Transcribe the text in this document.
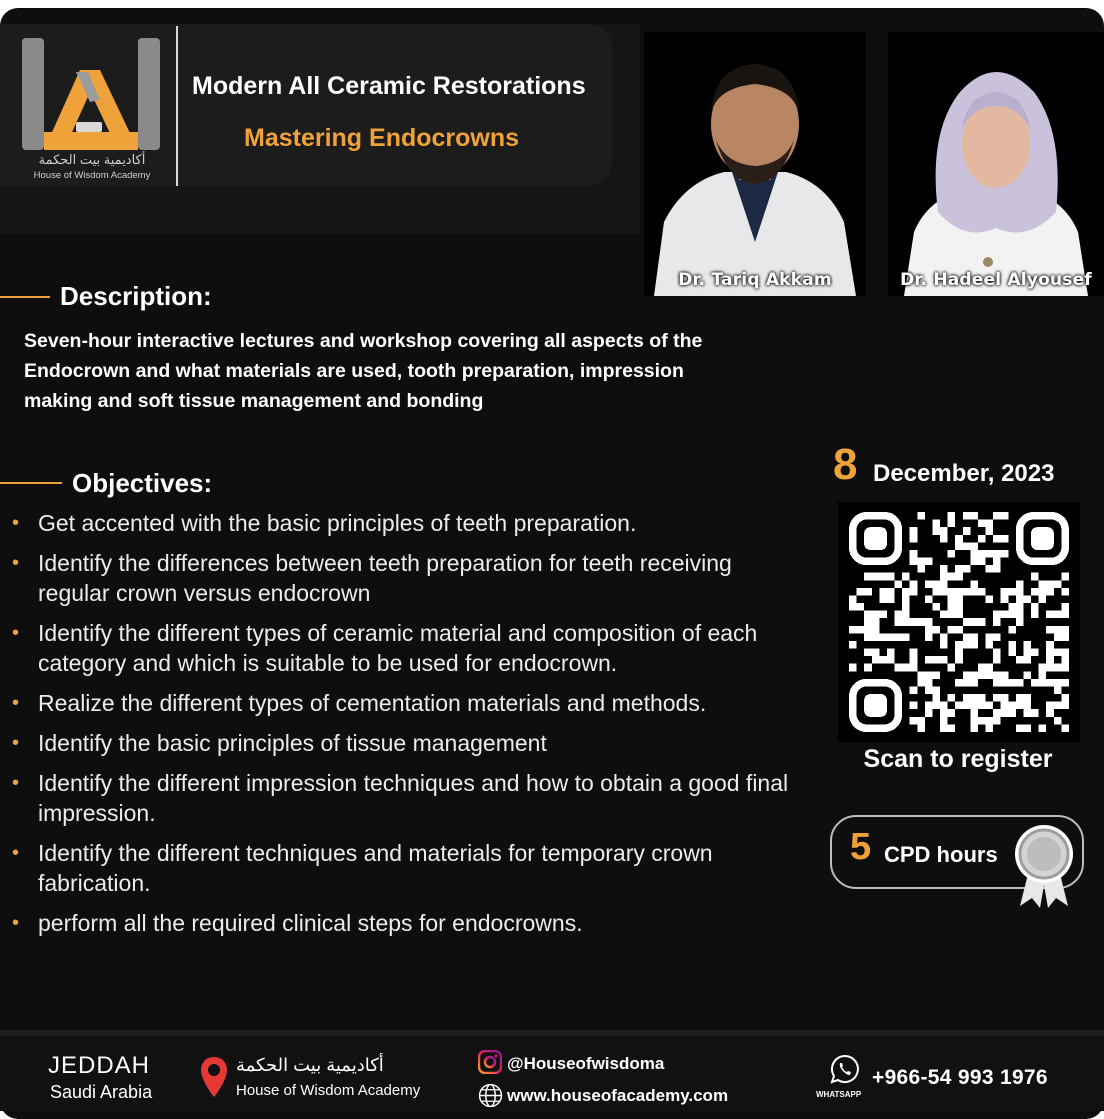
أكاديمية بيت الحكمة
House of Wisdom Academy
Modern All Ceramic Restorations
Mastering Endocrowns
Dr. Tariq Akkam	Dr. Hadeel Alyousef
Description:
Seven-hour interactive lectures and workshop covering all aspects of the Endocrown and what materials are used, tooth preparation, impression making and soft tissue management and bonding
Objectives:
• Get accented with the basic principles of teeth preparation.
• Identify the differences between teeth preparation for teeth receiving regular crown versus endocrown
• Identify the different types of ceramic material and composition of each category and which is suitable to be used for endocrown.
• Realize the different types of cementation materials and methods.
• Identify the basic principles of tissue management
• Identify the different impression techniques and how to obtain a good final impression.
• Identify the different techniques and materials for temporary crown fabrication.
• perform all the required clinical steps for endocrowns.
8 December, 2023
Scan to register
5 CPD hours
JEDDAH
Saudi Arabia
أكاديمية بيت الحكمة
House of Wisdom Academy
@Houseofwisdoma
www.houseofacademy.com	WHATSAPP
+966-54 993 1976
